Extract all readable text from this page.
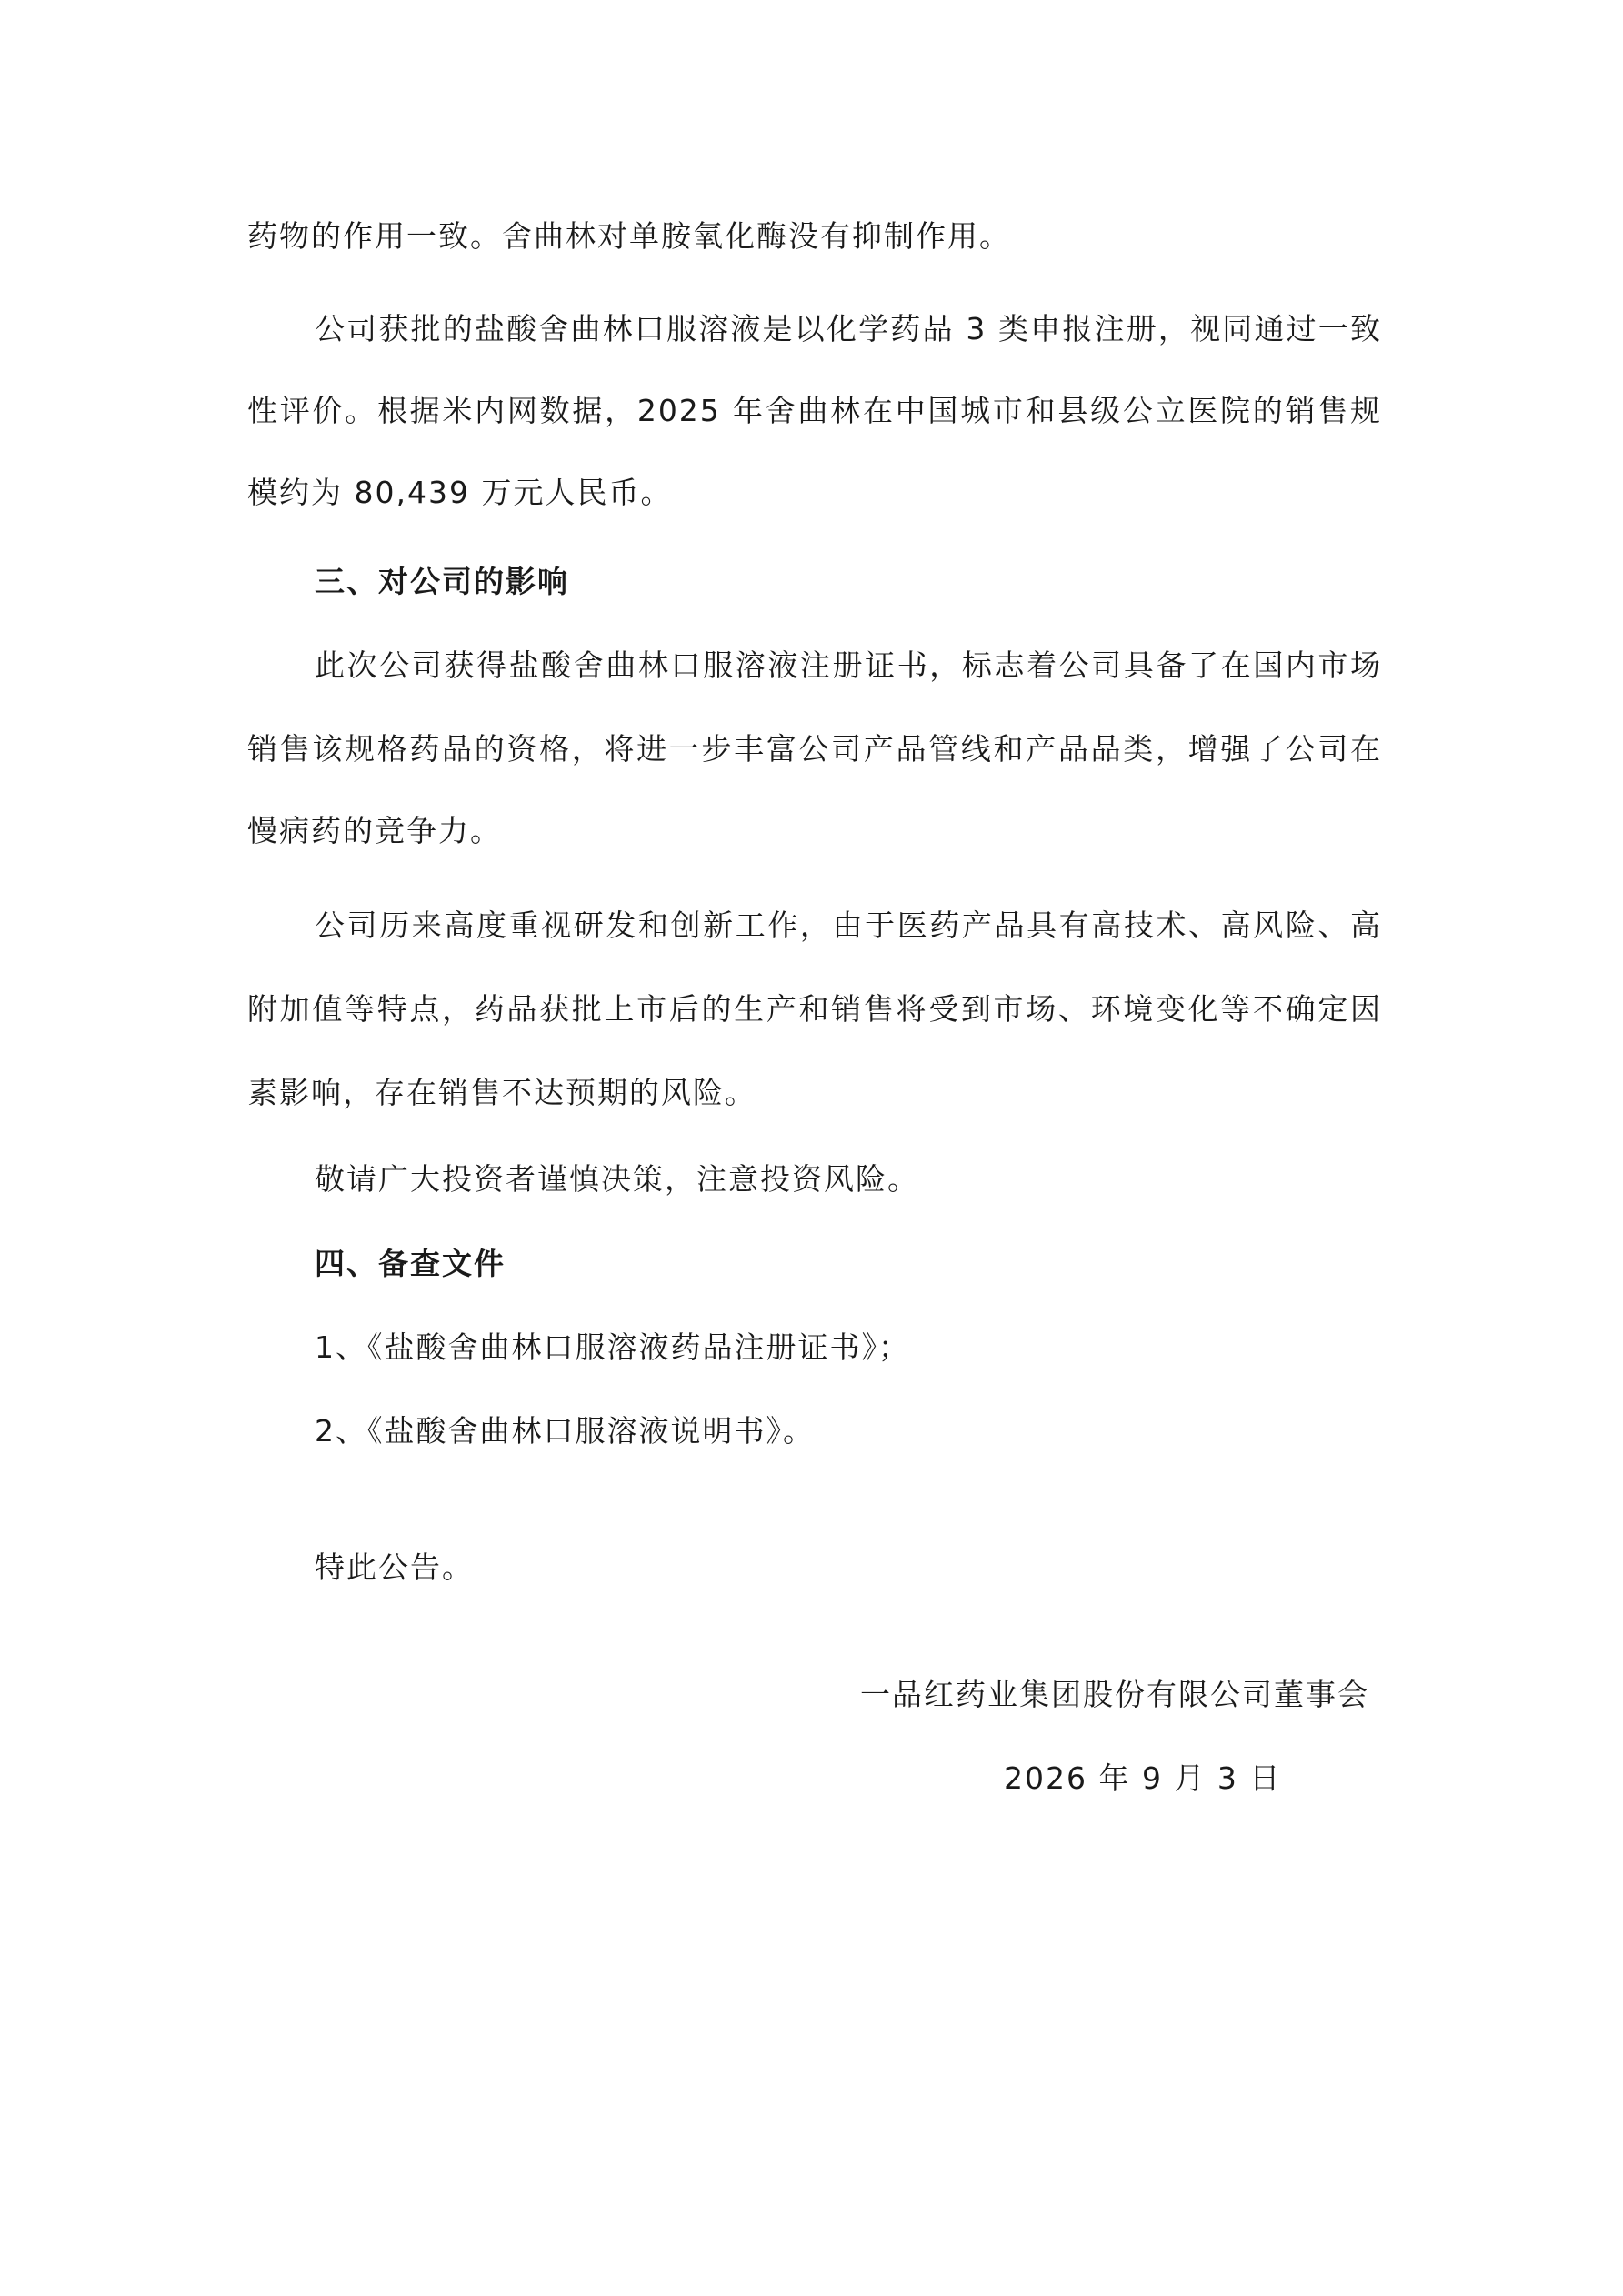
药物的作用一致。舍曲林对单胺氧化酶没有抑制作用。
公司获批的盐酸舍曲林口服溶液是以化学药品 3 类申报注册，视同通过一致
性评价。根据米内网数据，2025 年舍曲林在中国城市和县级公立医院的销售规
模约为 80,439 万元人民币。
三、对公司的影响
此次公司获得盐酸舍曲林口服溶液注册证书，标志着公司具备了在国内市场
销售该规格药品的资格，将进一步丰富公司产品管线和产品品类，增强了公司在
慢病药的竞争力。
公司历来高度重视研发和创新工作，由于医药产品具有高技术、高风险、高
附加值等特点，药品获批上市后的生产和销售将受到市场、环境变化等不确定因
素影响，存在销售不达预期的风险。
敬请广大投资者谨慎决策，注意投资风险。
四、备查文件
1、《盐酸舍曲林口服溶液药品注册证书》；
2、《盐酸舍曲林口服溶液说明书》。
特此公告。
一品红药业集团股份有限公司董事会
2026 年 9 月 3 日
